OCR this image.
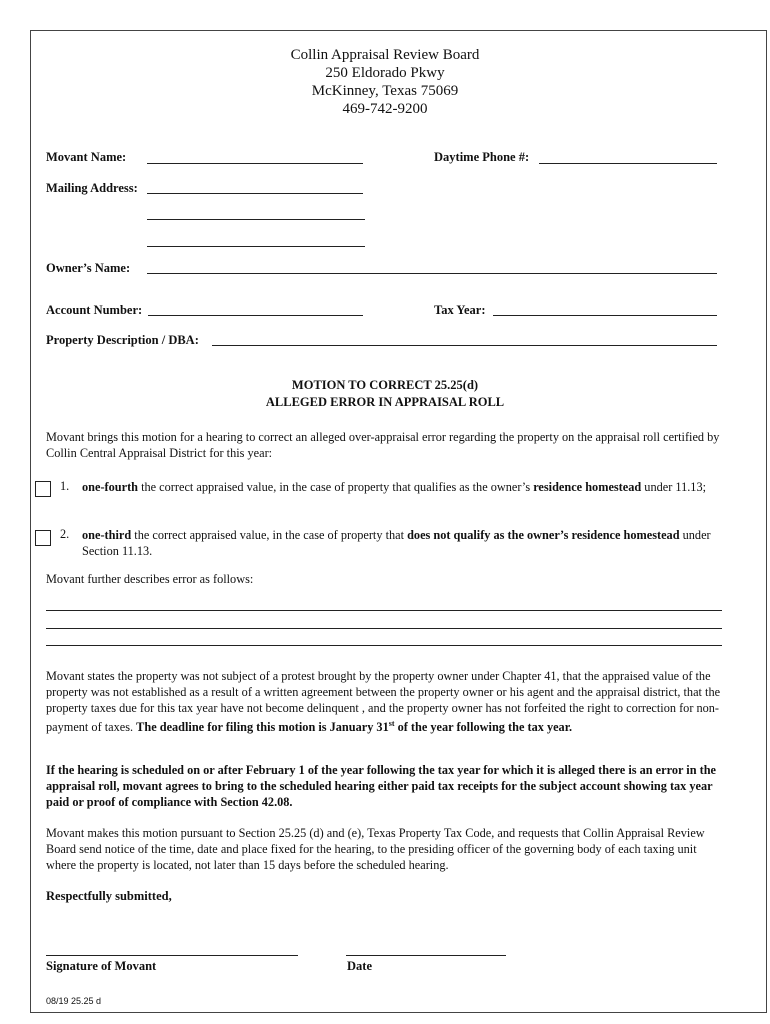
Collin Appraisal Review Board
250 Eldorado Pkwy
McKinney, Texas 75069
469-742-9200
Movant Name:	Daytime Phone #:
Mailing Address:
Owner’s Name:
Account Number:	Tax Year:
Property Description / DBA:
MOTION TO CORRECT 25.25(d)
ALLEGED ERROR IN APPRAISAL ROLL
Movant brings this motion for a hearing to correct an alleged over-appraisal error regarding the property on the appraisal roll certified by Collin Central Appraisal District for this year:
1. one-fourth the correct appraised value, in the case of property that qualifies as the owner’s residence homestead under 11.13;
2. one-third the correct appraised value, in the case of property that does not qualify as the owner’s residence homestead under Section 11.13.
Movant further describes error as follows:
Movant states the property was not subject of a protest brought by the property owner under Chapter 41, that the appraised value of the property was not established as a result of a written agreement between the property owner or his agent and the appraisal district, that the property taxes due for this tax year have not become delinquent , and the property owner has not forfeited the right to correction for non-payment of taxes. The deadline for filing this motion is January 31st of the year following the tax year.
If the hearing is scheduled on or after February 1 of the year following the tax year for which it is alleged there is an error in the appraisal roll, movant agrees to bring to the scheduled hearing either paid tax receipts for the subject account showing tax year paid or proof of compliance with Section 42.08.
Movant makes this motion pursuant to Section 25.25 (d) and (e), Texas Property Tax Code, and requests that Collin Appraisal Review Board send notice of the time, date and place fixed for the hearing, to the presiding officer of the governing body of each taxing unit where the property is located, not later than 15 days before the scheduled hearing.
Respectfully submitted,
Signature of Movant	Date
08/19 25.25 d
